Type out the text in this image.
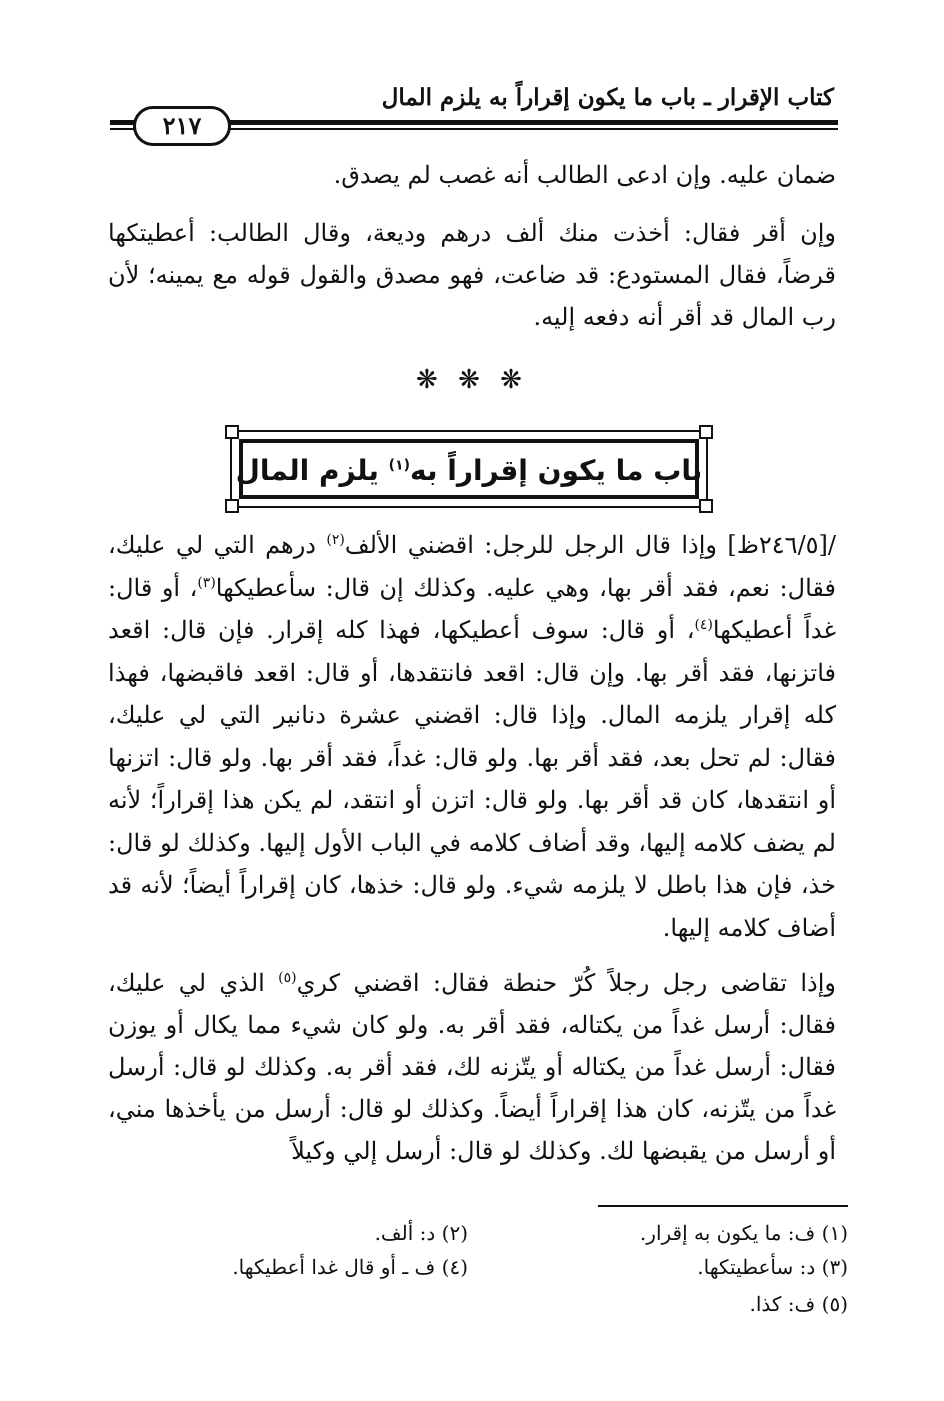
كتاب الإقرار ـ باب ما يكون إقراراً به يلزم المال
٢١٧

ضمان عليه. وإن ادعى الطالب أنه غصب لم يصدق.

وإن أقر فقال: أخذت منك ألف درهم وديعة، وقال الطالب: أعطيتكها قرضاً، فقال المستودع: قد ضاعت، فهو مصدق والقول قوله مع يمينه؛ لأن رب المال قد أقر أنه دفعه إليه.

❋ ❋ ❋
باب ما يكون إقراراً به$^{(١)}$ يلزم المال

/[٢٤٦/٥ظ] وإذا قال الرجل للرجل: اقضني الألف$^{(٢)}$ درهم التي لي عليك، فقال: نعم، فقد أقر بها، وهي عليه. وكذلك إن قال: سأعطيكها$^{(٣)}$، أو قال: غداً أعطيكها$^{(٤)}$، أو قال: سوف أعطيكها، فهذا كله إقرار. فإن قال: اقعد فاتزنها، فقد أقر بها. وإن قال: اقعد فانتقدها، أو قال: اقعد فاقبضها، فهذا كله إقرار يلزمه المال. وإذا قال: اقضني عشرة دنانير التي لي عليك، فقال: لم تحل بعد، فقد أقر بها. ولو قال: غداً، فقد أقر بها. ولو قال: اتزنها أو انتقدها، كان قد أقر بها. ولو قال: اتزن أو انتقد، لم يكن هذا إقراراً؛ لأنه لم يضف كلامه إليها، وقد أضاف كلامه في الباب الأول إليها. وكذلك لو قال: خذ، فإن هذا باطل لا يلزمه شيء. ولو قال: خذها، كان إقراراً أيضاً؛ لأنه قد أضاف كلامه إليها.

وإذا تقاضى رجل رجلاً كُرّ حنطة فقال: اقضني كري$^{(٥)}$ الذي لي عليك، فقال: أرسل غداً من يكتاله، فقد أقر به. ولو كان شيء مما يكال أو يوزن فقال: أرسل غداً من يكتاله أو يتّزنه لك، فقد أقر به. وكذلك لو قال: أرسل غداً من يتّزنه، كان هذا إقراراً أيضاً. وكذلك لو قال: أرسل من يأخذها مني، أو أرسل من يقبضها لك. وكذلك لو قال: أرسل إلي وكيلاً

(١) ف: ما يكون به إقرار.
(٢) د: ألف.
(٣) د: سأعطيتكها.
(٤) ف ـ أو قال غدا أعطيكها.
(٥) ف: كذا.
